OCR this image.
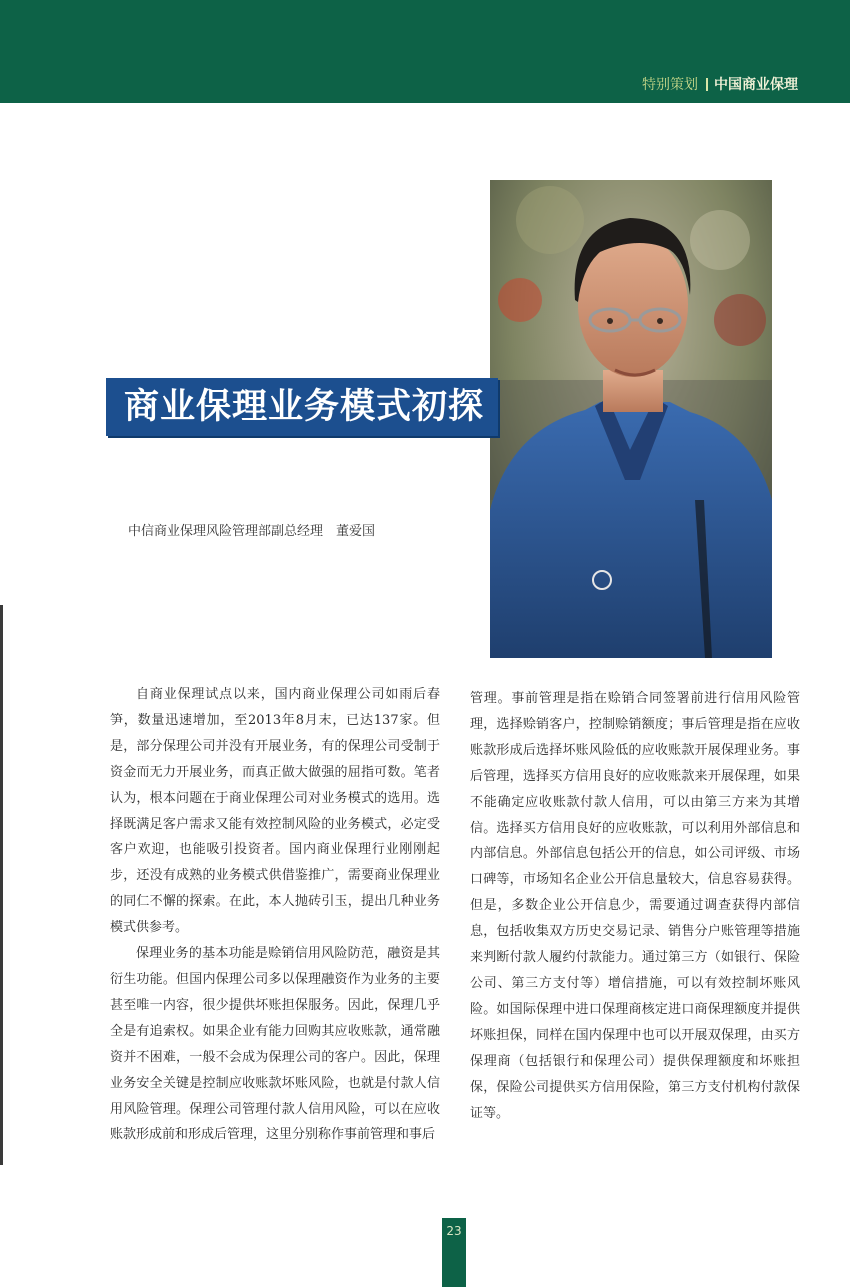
特别策划 中国商业保理
商业保理业务模式初探
中信商业保理风险管理部副总经理　董爱国

自商业保理试点以来，国内商业保理公司如雨后春笋，数量迅速增加，至2013年8月末，已达137家。但是，部分保理公司并没有开展业务，有的保理公司受制于资金而无力开展业务，而真正做大做强的屈指可数。笔者认为，根本问题在于商业保理公司对业务模式的选用。选择既满足客户需求又能有效控制风险的业务模式，必定受客户欢迎，也能吸引投资者。国内商业保理行业刚刚起步，还没有成熟的业务模式供借鉴推广，需要商业保理业的同仁不懈的探索。在此，本人抛砖引玉，提出几种业务模式供参考。

保理业务的基本功能是赊销信用风险防范，融资是其衍生功能。但国内保理公司多以保理融资作为业务的主要甚至唯一内容，很少提供坏账担保服务。因此，保理几乎全是有追索权。如果企业有能力回购其应收账款，通常融资并不困难，一般不会成为保理公司的客户。因此，保理业务安全关键是控制应收账款坏账风险，也就是付款人信用风险管理。保理公司管理付款人信用风险，可以在应收账款形成前和形成后管理，这里分别称作事前管理和事后

管理。事前管理是指在赊销合同签署前进行信用风险管理，选择赊销客户，控制赊销额度；事后管理是指在应收账款形成后选择坏账风险低的应收账款开展保理业务。事后管理，选择买方信用良好的应收账款来开展保理，如果不能确定应收账款付款人信用，可以由第三方来为其增信。选择买方信用良好的应收账款，可以利用外部信息和内部信息。外部信息包括公开的信息，如公司评级、市场口碑等，市场知名企业公开信息量较大，信息容易获得。但是，多数企业公开信息少，需要通过调查获得内部信息，包括收集双方历史交易记录、销售分户账管理等措施来判断付款人履约付款能力。通过第三方（如银行、保险公司、第三方支付等）增信措施，可以有效控制坏账风险。如国际保理中进口保理商核定进口商保理额度并提供坏账担保，同样在国内保理中也可以开展双保理，由买方保理商（包括银行和保理公司）提供保理额度和坏账担保，保险公司提供买方信用保险，第三方支付机构付款保证等。

23
